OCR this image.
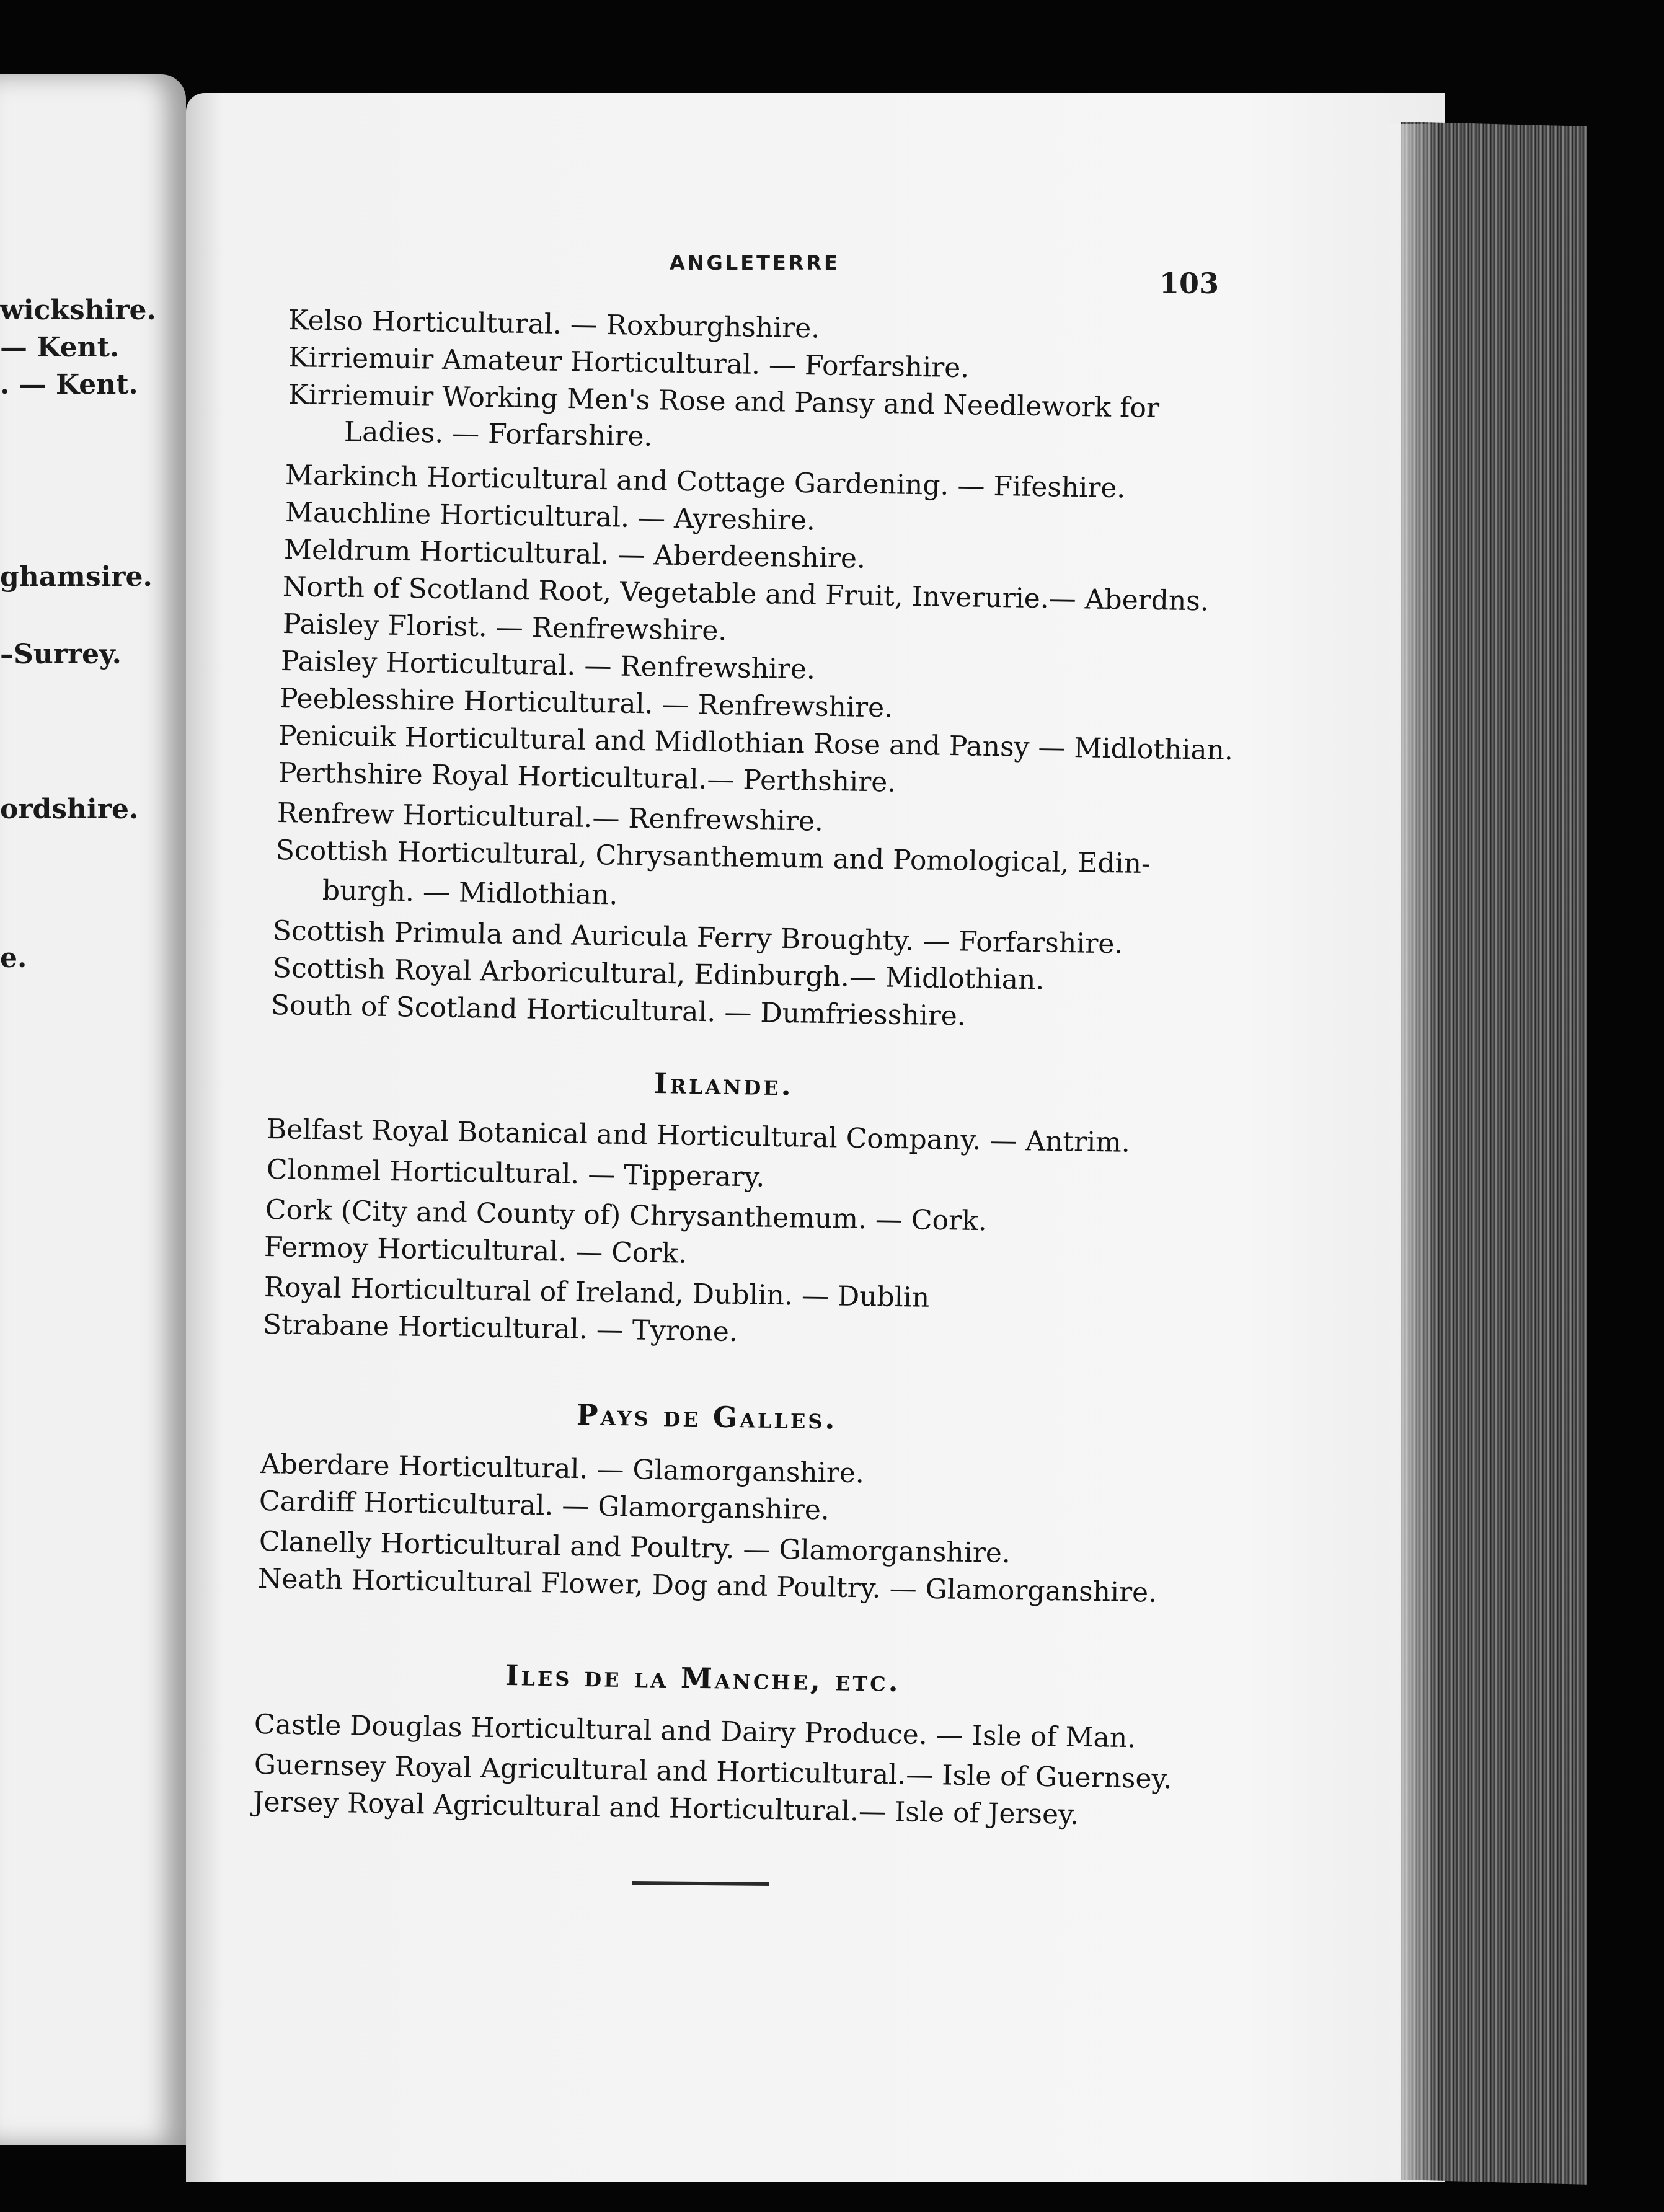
wickshire.

— Kent.

. — Kent.

ghamsire.

–Surrey.

ordshire.

e.

ANGLETERRE
103

Kelso Horticultural. — Roxburghshire.

Kirriemuir Amateur Horticultural. — Forfarshire.

Kirriemuir Working Men's Rose and Pansy and Needlework for

Ladies. — Forfarshire.

Markinch Horticultural and Cottage Gardening. — Fifeshire.

Mauchline Horticultural. — Ayreshire.

Meldrum Horticultural. — Aberdeenshire.

North of Scotland Root, Vegetable and Fruit, Inverurie.— Aberdns.

Paisley Florist. — Renfrewshire.

Paisley Horticultural. — Renfrewshire.

Peeblesshire Horticultural. — Renfrewshire.

Penicuik Horticultural and Midlothian Rose and Pansy — Midlothian.

Perthshire Royal Horticultural.— Perthshire.

Renfrew Horticultural.— Renfrewshire.

Scottish Horticultural, Chrysanthemum and Pomological, Edin-

burgh. — Midlothian.

Scottish Primula and Auricula Ferry Broughty. — Forfarshire.

Scottish Royal Arboricultural, Edinburgh.— Midlothian.

South of Scotland Horticultural. — Dumfriesshire.

Irlande.

Belfast Royal Botanical and Horticultural Company. — Antrim.

Clonmel Horticultural. — Tipperary.

Cork (City and County of) Chrysanthemum. — Cork.

Fermoy Horticultural. — Cork.

Royal Horticultural of Ireland, Dublin. — Dublin

Strabane Horticultural. — Tyrone.

Pays de Galles.

Aberdare Horticultural. — Glamorganshire.

Cardiff Horticultural. — Glamorganshire.

Clanelly Horticultural and Poultry. — Glamorganshire.

Neath Horticultural Flower, Dog and Poultry. — Glamorganshire.

Iles de la Manche, etc.

Castle Douglas Horticultural and Dairy Produce. — Isle of Man.

Guernsey Royal Agricultural and Horticultural.— Isle of Guernsey.

Jersey Royal Agricultural and Horticultural.— Isle of Jersey.
